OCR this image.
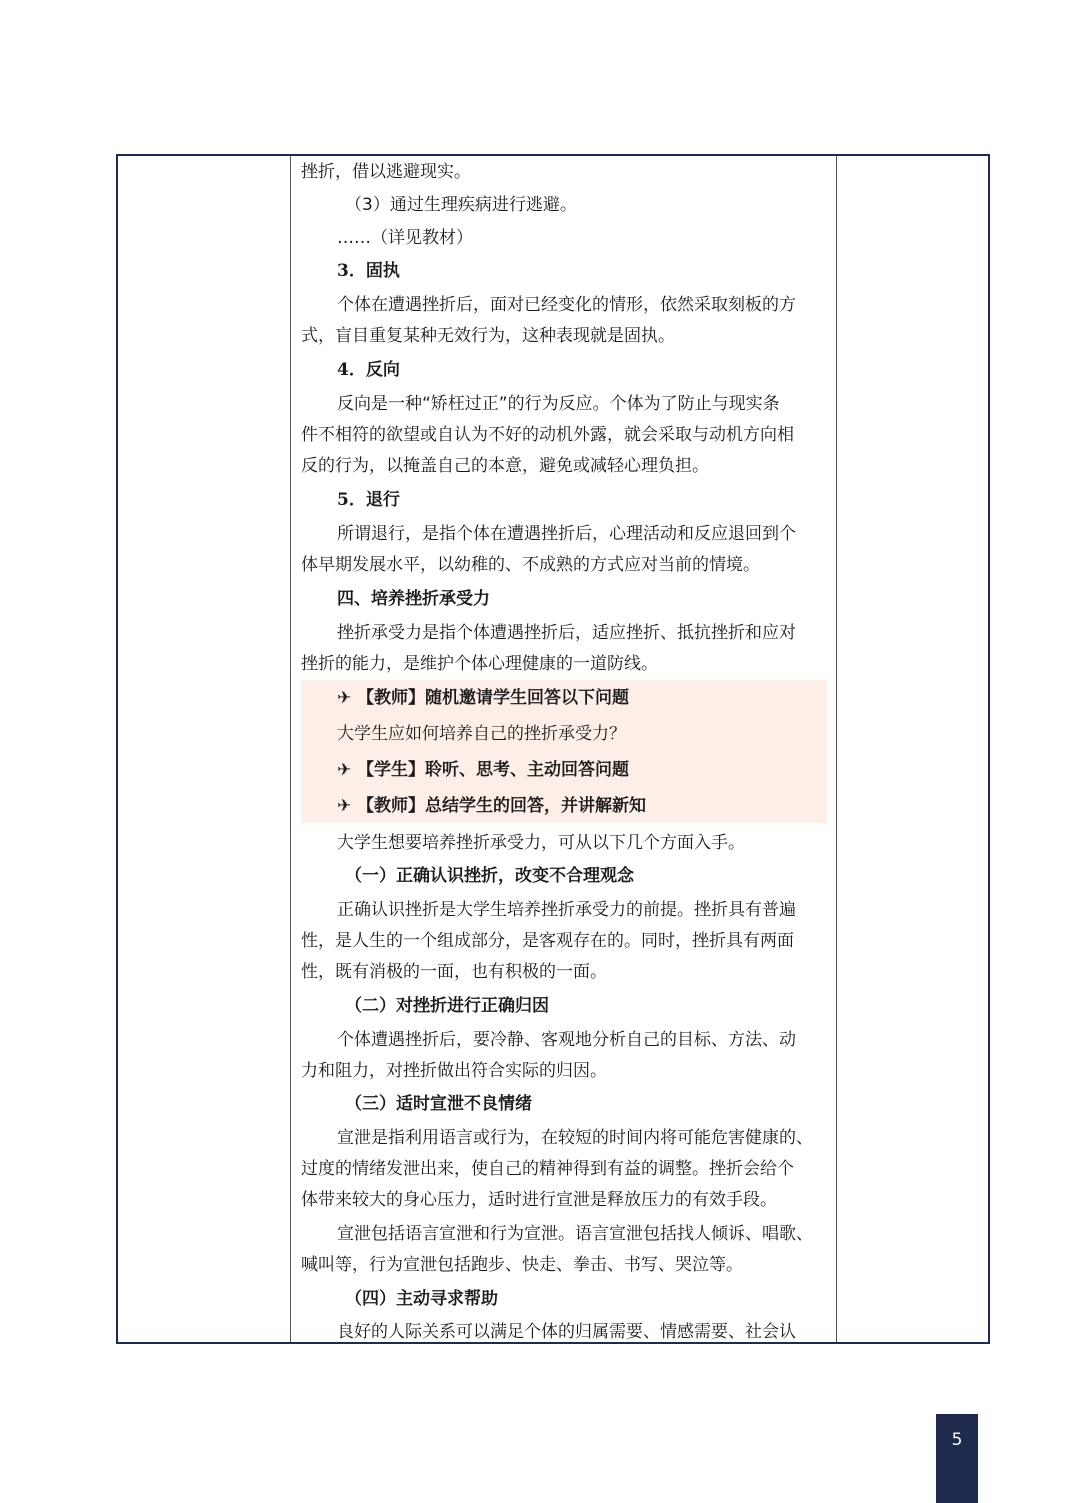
挫折，借以逃避现实。
（3）通过生理疾病进行逃避。
……（详见教材）
3．固执
个体在遭遇挫折后，面对已经变化的情形，依然采取刻板的方
式，盲目重复某种无效行为，这种表现就是固执。
4．反向
反向是一种“矫枉过正”的行为反应。个体为了防止与现实条
件不相符的欲望或自认为不好的动机外露，就会采取与动机方向相
反的行为，以掩盖自己的本意，避免或减轻心理负担。
5．退行
所谓退行，是指个体在遭遇挫折后，心理活动和反应退回到个
体早期发展水平，以幼稚的、不成熟的方式应对当前的情境。
四、培养挫折承受力
挫折承受力是指个体遭遇挫折后，适应挫折、抵抗挫折和应对
挫折的能力，是维护个体心理健康的一道防线。
✈ 【教师】随机邀请学生回答以下问题
大学生应如何培养自己的挫折承受力？
✈ 【学生】聆听、思考、主动回答问题
✈ 【教师】总结学生的回答，并讲解新知
大学生想要培养挫折承受力，可从以下几个方面入手。
（一）正确认识挫折，改变不合理观念
正确认识挫折是大学生培养挫折承受力的前提。挫折具有普遍
性，是人生的一个组成部分，是客观存在的。同时，挫折具有两面
性，既有消极的一面，也有积极的一面。
（二）对挫折进行正确归因
个体遭遇挫折后，要冷静、客观地分析自己的目标、方法、动
力和阻力，对挫折做出符合实际的归因。
（三）适时宣泄不良情绪
宣泄是指利用语言或行为，在较短的时间内将可能危害健康的、
过度的情绪发泄出来，使自己的精神得到有益的调整。挫折会给个
体带来较大的身心压力，适时进行宣泄是释放压力的有效手段。
宣泄包括语言宣泄和行为宣泄。语言宣泄包括找人倾诉、唱歌、
喊叫等，行为宣泄包括跑步、快走、拳击、书写、哭泣等。
（四）主动寻求帮助
良好的人际关系可以满足个体的归属需要、情感需要、社会认
5
